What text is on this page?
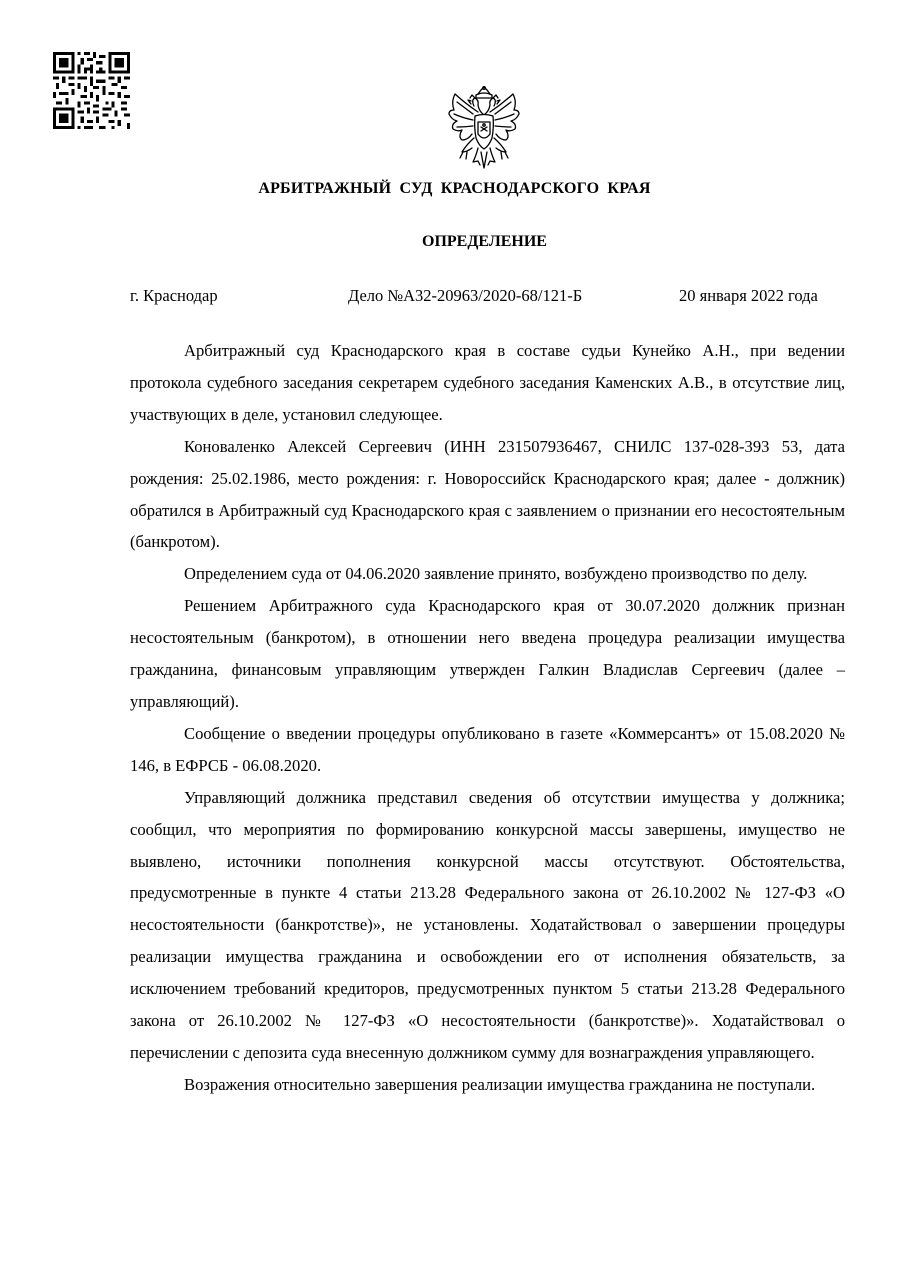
АРБИТРАЖНЫЙ СУД КРАСНОДАРСКОГО КРАЯ
ОПРЕДЕЛЕНИЕ
г. Краснодар	Дело №А32-20963/2020-68/121-Б	20 января 2022 года

Арбитражный суд Краснодарского края в составе судьи Кунейко А.Н., при ведении протокола судебного заседания секретарем судебного заседания Каменских А.В., в отсутствие лиц, участвующих в деле, установил следующее.

Коноваленко Алексей Сергеевич (ИНН 231507936467, СНИЛС 137-028-393 53, дата рождения: 25.02.1986, место рождения: г. Новороссийск Краснодарского края; далее - должник) обратился в Арбитражный суд Краснодарского края с заявлением о признании его несостоятельным (банкротом).

Определением суда от 04.06.2020 заявление принято, возбуждено производство по делу.

Решением Арбитражного суда Краснодарского края от 30.07.2020 должник признан несостоятельным (банкротом), в отношении него введена процедура реализации имущества гражданина, финансовым управляющим утвержден Галкин Владислав Сергеевич (далее – управляющий).

Сообщение о введении процедуры опубликовано в газете «Коммерсантъ» от 15.08.2020 № 146, в ЕФРСБ - 06.08.2020.

Управляющий должника представил сведения об отсутствии имущества у должника; сообщил, что мероприятия по формированию конкурсной массы завершены, имущество не выявлено, источники пополнения конкурсной массы отсутствуют. Обстоятельства, предусмотренные в пункте 4 статьи 213.28 Федерального закона от 26.10.2002 № 127-ФЗ «О несостоятельности (банкротстве)», не установлены. Ходатайствовал о завершении процедуры реализации имущества гражданина и освобождении его от исполнения обязательств, за исключением требований кредиторов, предусмотренных пунктом 5 статьи 213.28 Федерального закона от 26.10.2002 № 127-ФЗ «О несостоятельности (банкротстве)». Ходатайствовал о перечислении с депозита суда внесенную должником сумму для вознаграждения управляющего.

Возражения относительно завершения реализации имущества гражданина не поступали.
